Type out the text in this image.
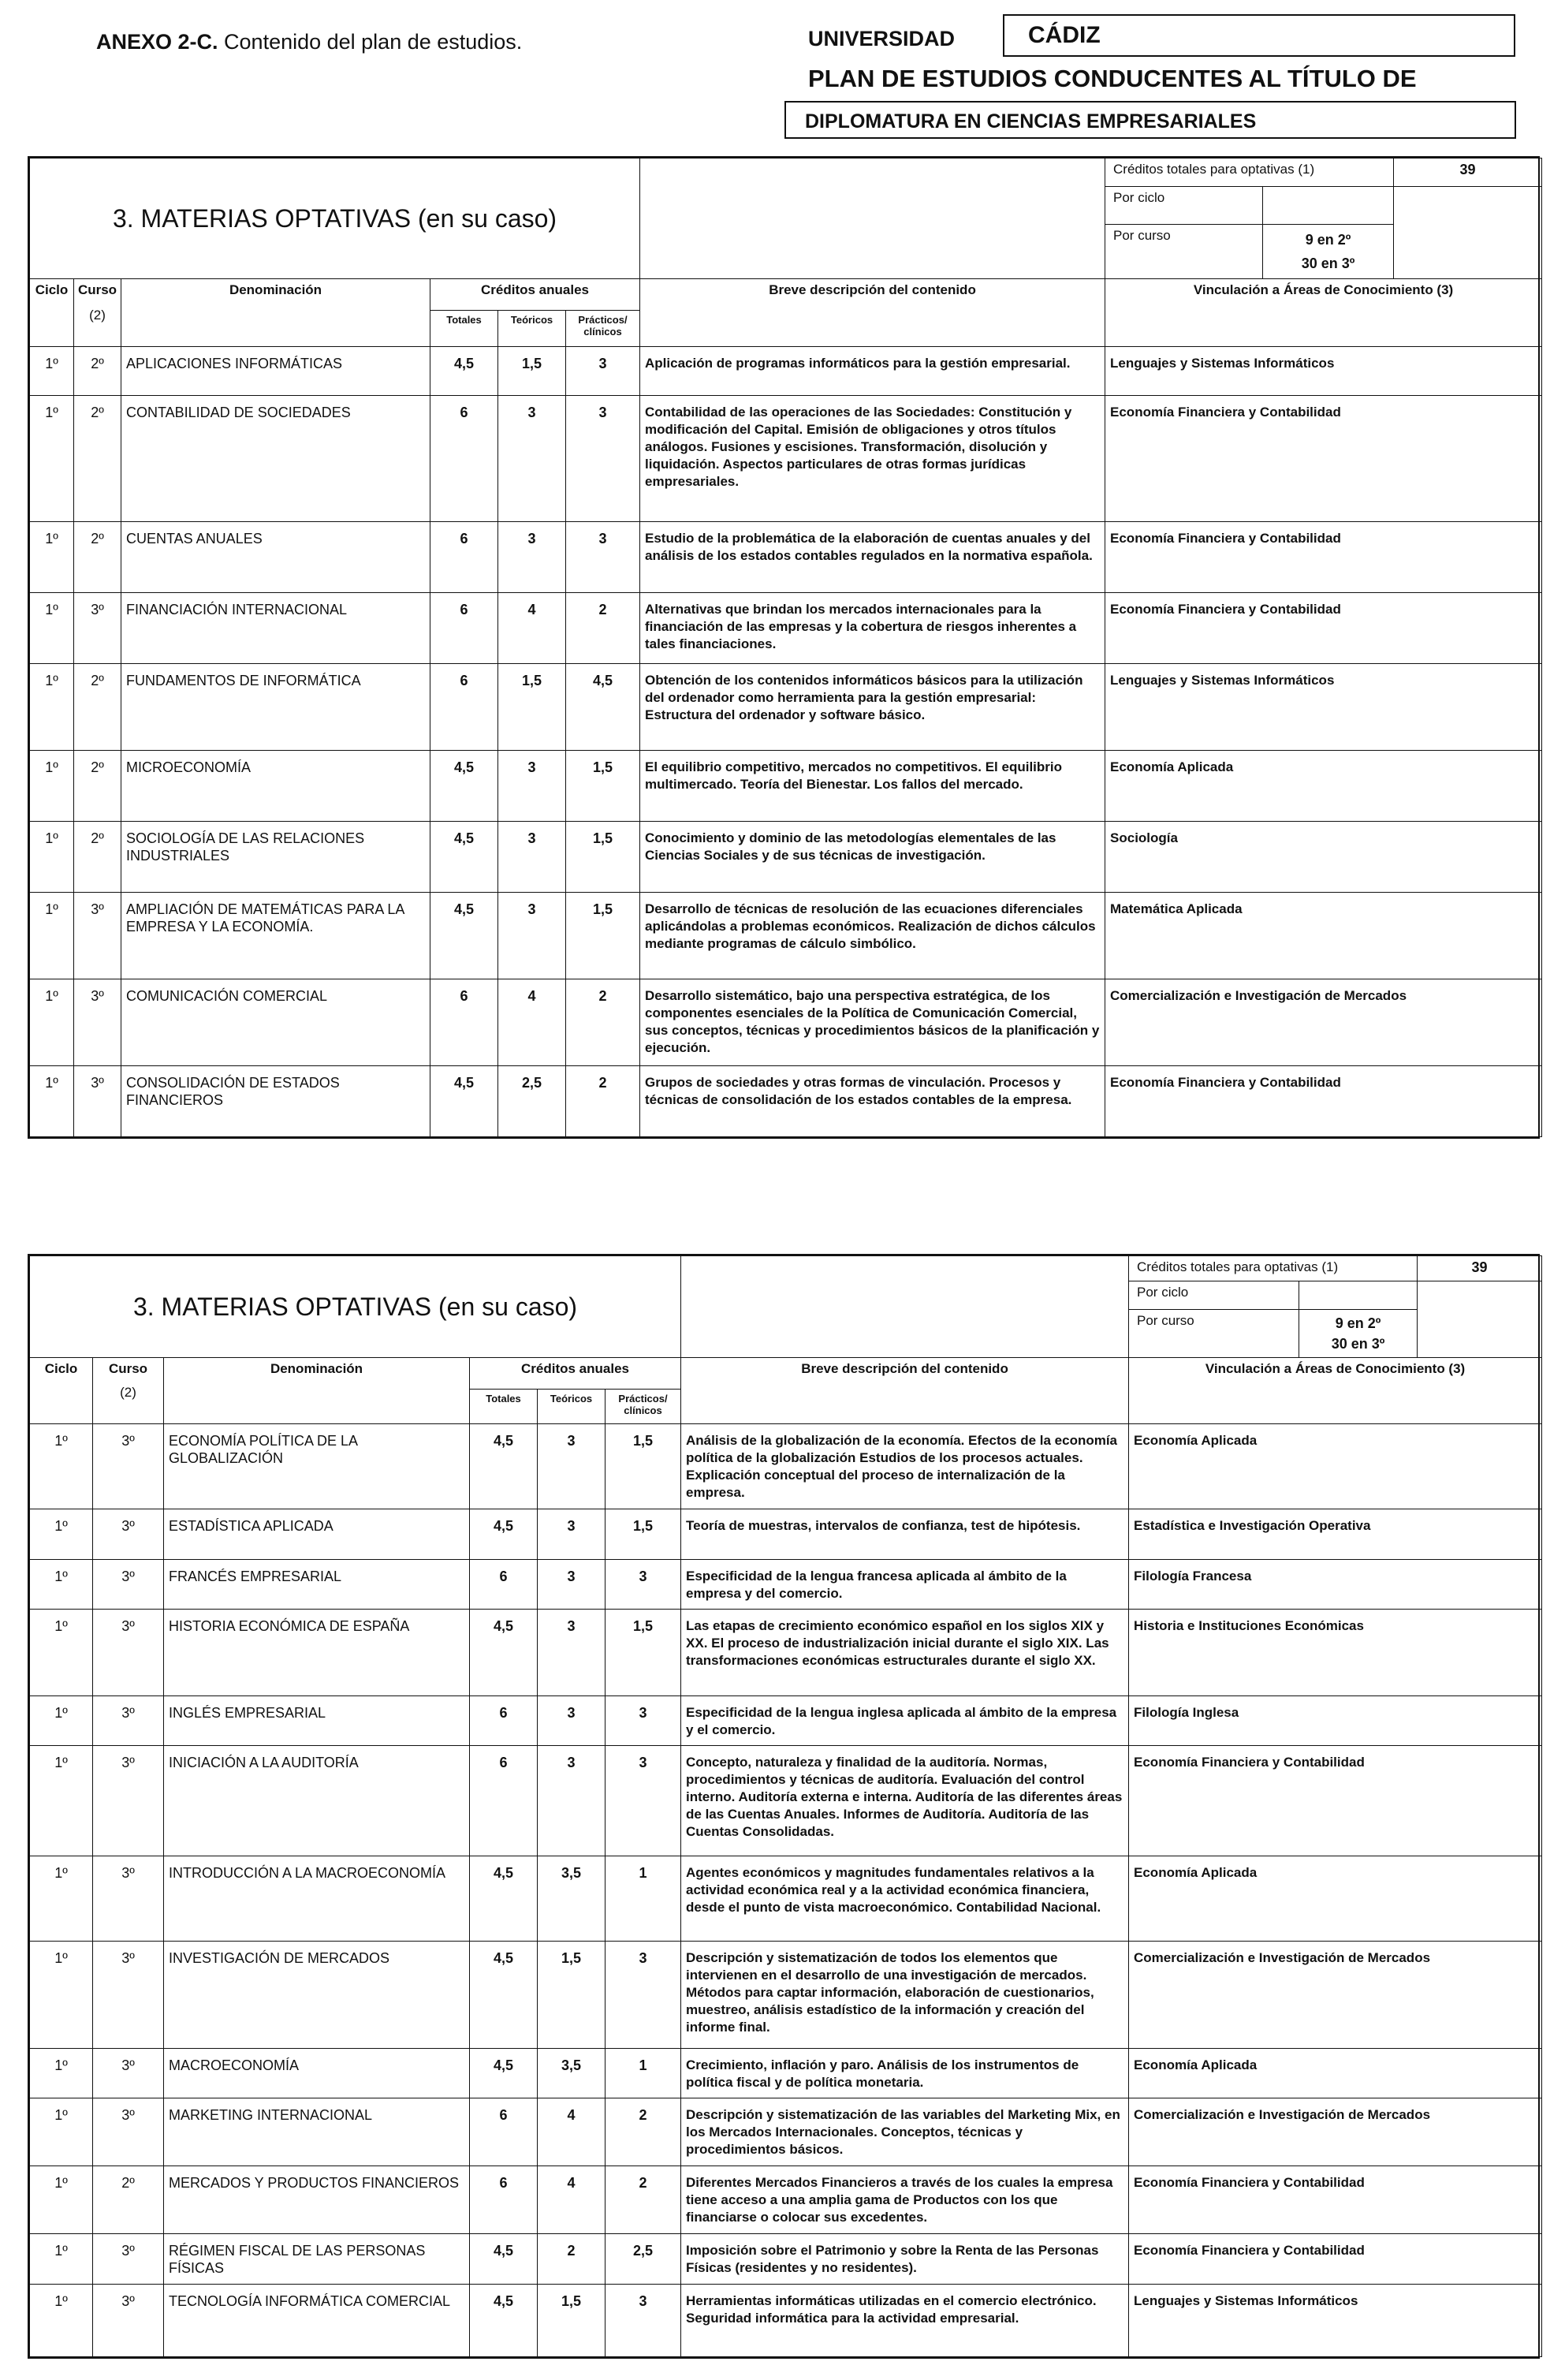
ANEXO 2-C. Contenido del plan de estudios.	UNIVERSIDAD	CÁDIZ
PLAN DE ESTUDIOS CONDUCENTES AL TÍTULO DE
DIPLOMATURA EN CIENCIAS EMPRESARIALES
3. MATERIAS OPTATIVAS (en su caso)							Créditos totales para optativas (1)		39
							Por ciclo		
							Por curso	9 en 2º
30 en 3º	

Ciclo	Curso
(2)	Denominación	Créditos anuales			Breve descripción del contenido	Vinculación a Áreas de Conocimiento (3)		
			Totales	Teóricos	Prácticos/ clínicos				
1º	2º	APLICACIONES INFORMÁTICAS	4,5	1,5	3	Aplicación de programas informáticos para la gestión empresarial.	Lenguajes y Sistemas Informáticos		
1º	2º	CONTABILIDAD DE SOCIEDADES	6	3	3	Contabilidad de las operaciones de las Sociedades: Constitución y modificación del Capital. Emisión de obligaciones y otros títulos análogos. Fusiones y escisiones. Transformación, disolución y liquidación. Aspectos particulares de otras formas jurídicas empresariales.	Economía Financiera y Contabilidad		
1º	2º	CUENTAS ANUALES	6	3	3	Estudio de la problemática de la elaboración de cuentas anuales y del análisis de los estados contables regulados en la normativa española.	Economía Financiera y Contabilidad		
1º	3º	FINANCIACIÓN INTERNACIONAL	6	4	2	Alternativas que brindan los mercados internacionales para la financiación de las empresas y la cobertura de riesgos inherentes a tales financiaciones.	Economía Financiera y Contabilidad		
1º	2º	FUNDAMENTOS DE INFORMÁTICA	6	1,5	4,5	Obtención de los contenidos informáticos básicos para la utilización del ordenador como herramienta para la gestión empresarial: Estructura del ordenador y software básico.	Lenguajes y Sistemas Informáticos		
1º	2º	MICROECONOMÍA	4,5	3	1,5	El equilibrio competitivo, mercados no competitivos. El equilibrio multimercado. Teoría del Bienestar. Los fallos del mercado.	Economía Aplicada		
1º	2º	SOCIOLOGÍA DE LAS RELACIONES INDUSTRIALES	4,5	3	1,5	Conocimiento y dominio de las metodologías elementales de las Ciencias Sociales y de sus técnicas de investigación.	Sociología		
1º	3º	AMPLIACIÓN DE MATEMÁTICAS PARA LA EMPRESA Y LA ECONOMÍA.	4,5	3	1,5	Desarrollo de técnicas de resolución de las ecuaciones diferenciales aplicándolas a problemas económicos. Realización de dichos cálculos mediante programas de cálculo simbólico.	Matemática Aplicada		
1º	3º	COMUNICACIÓN COMERCIAL	6	4	2	Desarrollo sistemático, bajo una perspectiva estratégica, de los componentes esenciales de la Política de Comunicación Comercial, sus conceptos, técnicas y procedimientos básicos de la planificación y ejecución.	Comercialización e Investigación de Mercados		
1º	3º	CONSOLIDACIÓN DE ESTADOS FINANCIEROS	4,5	2,5	2	Grupos de sociedades y otras formas de vinculación. Procesos y técnicas de consolidación de los estados contables de la empresa.	Economía Financiera y Contabilidad		
3. MATERIAS OPTATIVAS (en su caso)							Créditos totales para optativas (1)		39
							Por ciclo		
							Por curso	9 en 2º
30 en 3º	

Ciclo	Curso
(2)	Denominación	Créditos anuales			Breve descripción del contenido	Vinculación a Áreas de Conocimiento (3)		
			Totales	Teóricos	Prácticos/ clínicos				
1º	3º	ECONOMÍA POLÍTICA DE LA GLOBALIZACIÓN	4,5	3	1,5	Análisis de la globalización de la economía. Efectos de la economía política de la globalización Estudios de los procesos actuales. Explicación conceptual del proceso de internalización de la empresa.	Economía Aplicada		
1º	3º	ESTADÍSTICA APLICADA	4,5	3	1,5	Teoría de muestras, intervalos de confianza, test de hipótesis.	Estadística e Investigación Operativa		
1º	3º	FRANCÉS EMPRESARIAL	6	3	3	Especificidad de la lengua francesa aplicada al ámbito de la empresa y del comercio.	Filología Francesa		
1º	3º	HISTORIA ECONÓMICA DE ESPAÑA	4,5	3	1,5	Las etapas de crecimiento económico español en los siglos XIX y XX. El proceso de industrialización inicial durante el siglo XIX. Las transformaciones económicas estructurales durante el siglo XX.	Historia e Instituciones Económicas		
1º	3º	INGLÉS EMPRESARIAL	6	3	3	Especificidad de la lengua inglesa aplicada al ámbito de la empresa y el comercio.	Filología Inglesa		
1º	3º	INICIACIÓN A LA AUDITORÍA	6	3	3	Concepto, naturaleza y finalidad de la auditoría. Normas, procedimientos y técnicas de auditoría. Evaluación del control interno. Auditoría externa e interna. Auditoría de las diferentes áreas de las Cuentas Anuales. Informes de Auditoría. Auditoría de las Cuentas Consolidadas.	Economía Financiera y Contabilidad		
1º	3º	INTRODUCCIÓN A LA MACROECONOMÍA	4,5	3,5	1	Agentes económicos y magnitudes fundamentales relativos a la actividad económica real y a la actividad económica financiera, desde el punto de vista macroeconómico. Contabilidad Nacional.	Economía Aplicada		
1º	3º	INVESTIGACIÓN DE MERCADOS	4,5	1,5	3	Descripción y sistematización de todos los elementos que intervienen en el desarrollo de una investigación de mercados. Métodos para captar información, elaboración de cuestionarios, muestreo, análisis estadístico de la información y creación del informe final.	Comercialización e Investigación de Mercados		
1º	3º	MACROECONOMÍA	4,5	3,5	1	Crecimiento, inflación y paro. Análisis de los instrumentos de política fiscal y de política monetaria.	Economía Aplicada		
1º	3º	MARKETING INTERNACIONAL	6	4	2	Descripción y sistematización de las variables del Marketing Mix, en los Mercados Internacionales. Conceptos, técnicas y procedimientos básicos.	Comercialización e Investigación de Mercados		
1º	2º	MERCADOS Y PRODUCTOS FINANCIEROS	6	4	2	Diferentes Mercados Financieros a través de los cuales la empresa tiene acceso a una amplia gama de Productos con los que financiarse o colocar sus excedentes.	Economía Financiera y Contabilidad		
1º	3º	RÉGIMEN FISCAL DE LAS PERSONAS FÍSICAS	4,5	2	2,5	Imposición sobre el Patrimonio y sobre la Renta de las Personas Físicas (residentes y no residentes).	Economía Financiera y Contabilidad		
1º	3º	TECNOLOGÍA INFORMÁTICA COMERCIAL	4,5	1,5	3	Herramientas informáticas utilizadas en el comercio electrónico. Seguridad informática para la actividad empresarial.	Lenguajes y Sistemas Informáticos		
